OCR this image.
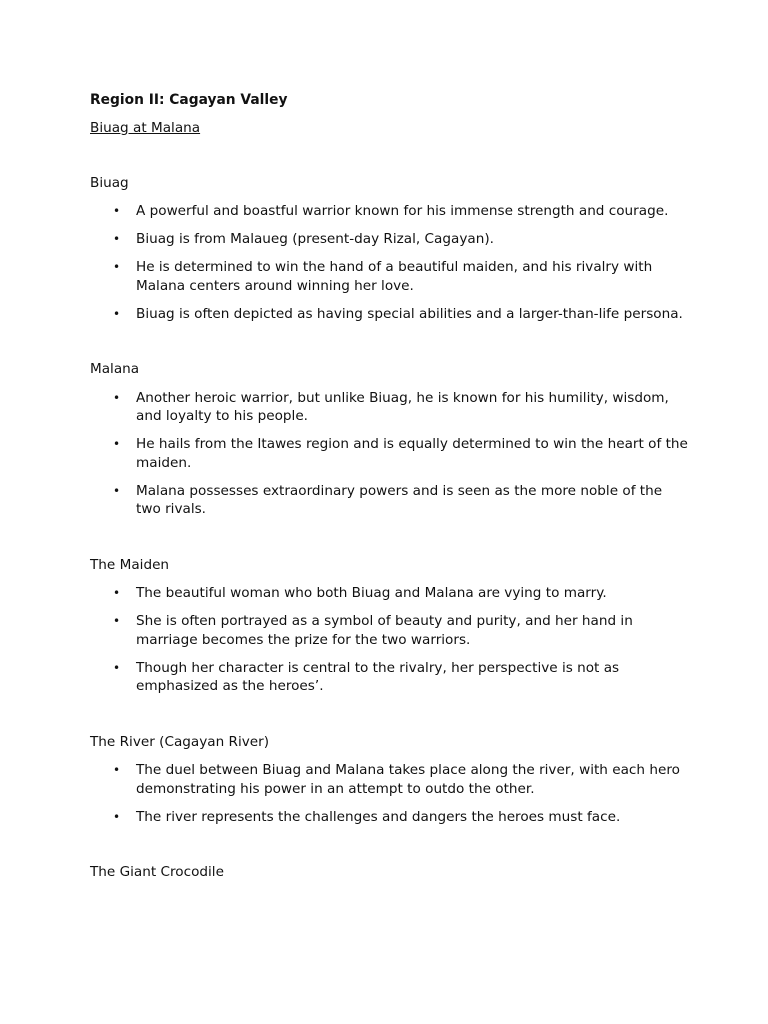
Region II: Cagayan Valley

Biuag at Malana

Biuag

• A powerful and boastful warrior known for his immense strength and courage.
• Biuag is from Malaueg (present-day Rizal, Cagayan).
• He is determined to win the hand of a beautiful maiden, and his rivalry with Malana centers around winning her love.
• Biuag is often depicted as having special abilities and a larger-than-life persona.

Malana

• Another heroic warrior, but unlike Biuag, he is known for his humility, wisdom, and loyalty to his people.
• He hails from the Itawes region and is equally determined to win the heart of the maiden.
• Malana possesses extraordinary powers and is seen as the more noble of the two rivals.

The Maiden

• The beautiful woman who both Biuag and Malana are vying to marry.
• She is often portrayed as a symbol of beauty and purity, and her hand in marriage becomes the prize for the two warriors.
• Though her character is central to the rivalry, her perspective is not as emphasized as the heroes’.

The River (Cagayan River)

• The duel between Biuag and Malana takes place along the river, with each hero demonstrating his power in an attempt to outdo the other.
• The river represents the challenges and dangers the heroes must face.

The Giant Crocodile
